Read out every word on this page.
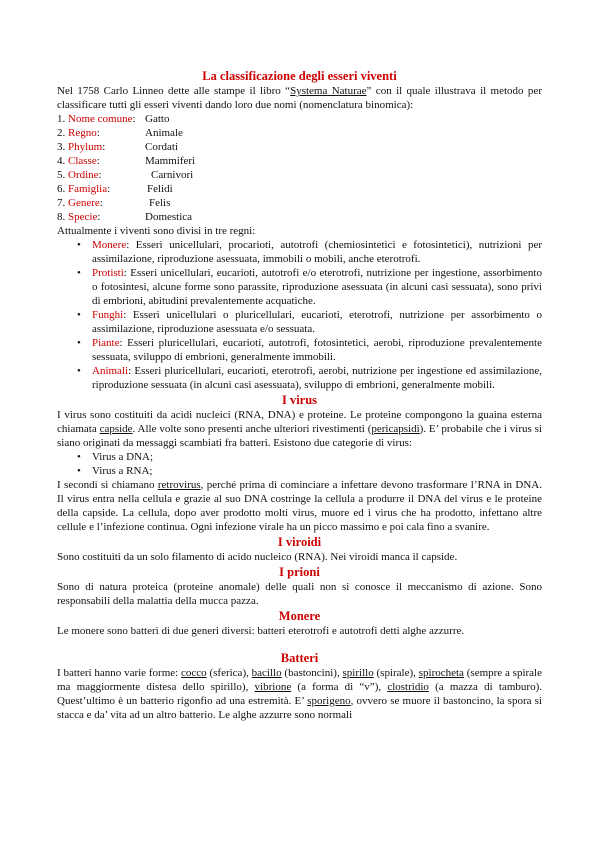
La classificazione degli esseri viventi

Nel 1758 Carlo Linneo dette alle stampe il libro “Systema Naturae” con il quale illustrava il metodo per classificare tutti gli esseri viventi dando loro due nomi (nomenclatura binomica):

1. Nome comune: Gatto
2. Regno:	Animale
3. Phylum:	Cordati
4. Classe:	Mammiferi
5. Ordine:	Carnivori
6. Famiglia:	Felidi
7. Genere:	Felis
8. Specie:	Domestica

Attualmente i viventi sono divisi in tre regni:

• Monere: Esseri unicellulari, procarioti, autotrofi (chemiosintetici e fotosintetici), nutrizioni per assimilazione, riproduzione asessuata, immobili o mobili, anche eterotrofi.
• Protisti: Esseri unicellulari, eucarioti, autotrofi e/o eterotrofi, nutrizione per ingestione, assorbimento o fotosintesi, alcune forme sono parassite, riproduzione asessuata (in alcuni casi sessuata), sono privi di embrioni, abitudini prevalentemente acquatiche.
• Funghi: Esseri unicellulari o pluricellulari, eucarioti, eterotrofi, nutrizione per assorbimento o assimilazione, riproduzione asessuata e/o sessuata.
• Piante: Esseri pluricellulari, eucarioti, autotrofi, fotosintetici, aerobi, riproduzione prevalentemente sessuata, sviluppo di embrioni, generalmente immobili.
• Animali: Esseri pluricellulari, eucarioti, eterotrofi, aerobi, nutrizione per ingestione ed assimilazione, riproduzione sessuata (in alcuni casi asessuata), sviluppo di embrioni, generalmente mobili.
I virus

I virus sono costituiti da acidi nucleici (RNA, DNA) e proteine. Le proteine compongono la guaina esterna chiamata capside. Alle volte sono presenti anche ulteriori rivestimenti (pericapsidi). E’ probabile che i virus si siano originati da messaggi scambiati fra batteri. Esistono due categorie di virus:

• Virus a DNA;
• Virus a RNA;

I secondi si chiamano retrovirus, perché prima di cominciare a infettare devono trasformare l’RNA in DNA. Il virus entra nella cellula e grazie al suo DNA costringe la cellula a produrre il DNA del virus e le proteine della capside. La cellula, dopo aver prodotto molti virus, muore ed i virus che ha prodotto, infettano altre cellule e l’infezione continua. Ogni infezione virale ha un picco massimo e poi cala fino a svanire.

I viroidi

Sono costituiti da un solo filamento di acido nucleico (RNA). Nei viroidi manca il capside.

I prioni

Sono di natura proteica (proteine anomale) delle quali non si conosce il meccanismo di azione. Sono responsabili della malattia della mucca pazza.

Monere

Le monere sono batteri di due generi diversi: batteri eterotrofi e autotrofi detti alghe azzurre.

Batteri

I batteri hanno varie forme: cocco (sferica), bacillo (bastoncini), spirillo (spirale), spirocheta (sempre a spirale ma maggiormente distesa dello spirillo), vibrione (a forma di “v”), clostridio (a mazza di tamburo). Quest’ultimo è un batterio rigonfio ad una estremità. E’ sporigeno, ovvero se muore il bastoncino, la spora si stacca e da’ vita ad un altro batterio. Le alghe azzurre sono normali
